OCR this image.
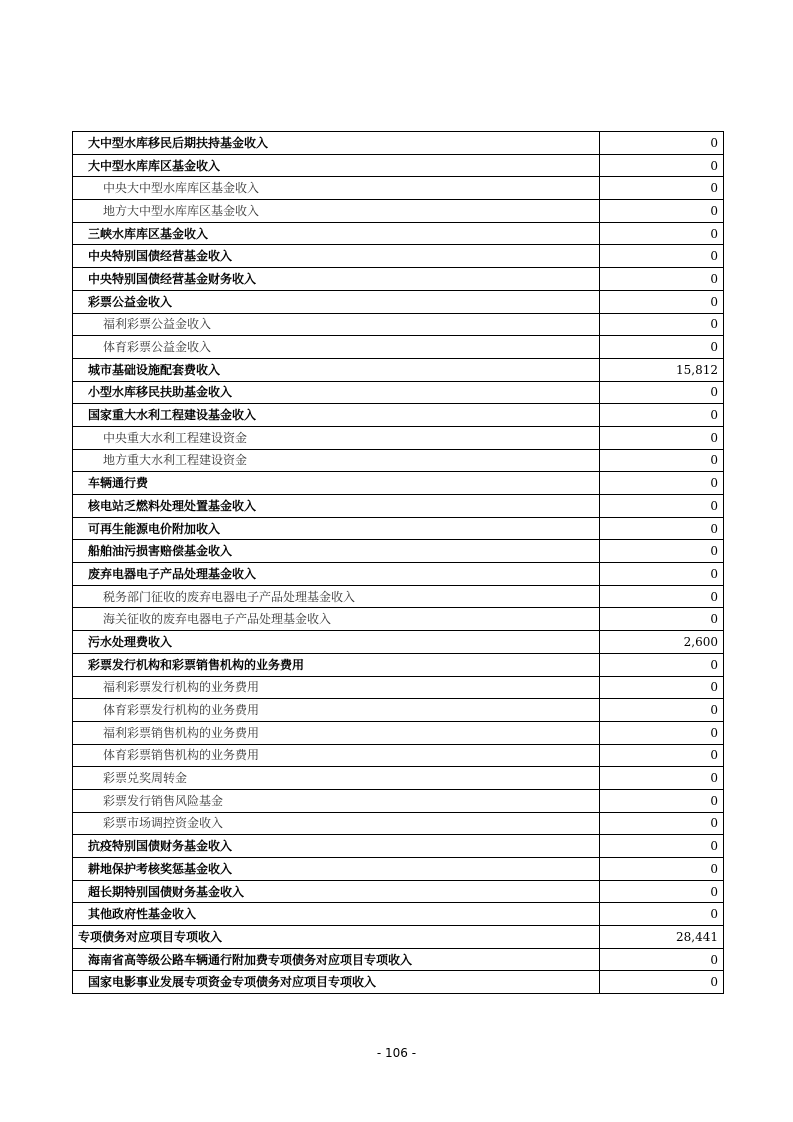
大中型水库移民后期扶持基金收入	0
大中型水库库区基金收入	0
中央大中型水库库区基金收入	0
地方大中型水库库区基金收入	0
三峡水库库区基金收入	0
中央特别国债经营基金收入	0
中央特别国债经营基金财务收入	0
彩票公益金收入	0
福利彩票公益金收入	0
体育彩票公益金收入	0
城市基础设施配套费收入	15,812
小型水库移民扶助基金收入	0
国家重大水利工程建设基金收入	0
中央重大水利工程建设资金	0
地方重大水利工程建设资金	0
车辆通行费	0
核电站乏燃料处理处置基金收入	0
可再生能源电价附加收入	0
船舶油污损害赔偿基金收入	0
废弃电器电子产品处理基金收入	0
税务部门征收的废弃电器电子产品处理基金收入	0
海关征收的废弃电器电子产品处理基金收入	0
污水处理费收入	2,600
彩票发行机构和彩票销售机构的业务费用	0
福利彩票发行机构的业务费用	0
体育彩票发行机构的业务费用	0
福利彩票销售机构的业务费用	0
体育彩票销售机构的业务费用	0
彩票兑奖周转金	0
彩票发行销售风险基金	0
彩票市场调控资金收入	0
抗疫特别国债财务基金收入	0
耕地保护考核奖惩基金收入	0
超长期特别国债财务基金收入	0
其他政府性基金收入	0
专项债务对应项目专项收入	28,441
海南省高等级公路车辆通行附加费专项债务对应项目专项收入	0
国家电影事业发展专项资金专项债务对应项目专项收入	0
- 106 -
